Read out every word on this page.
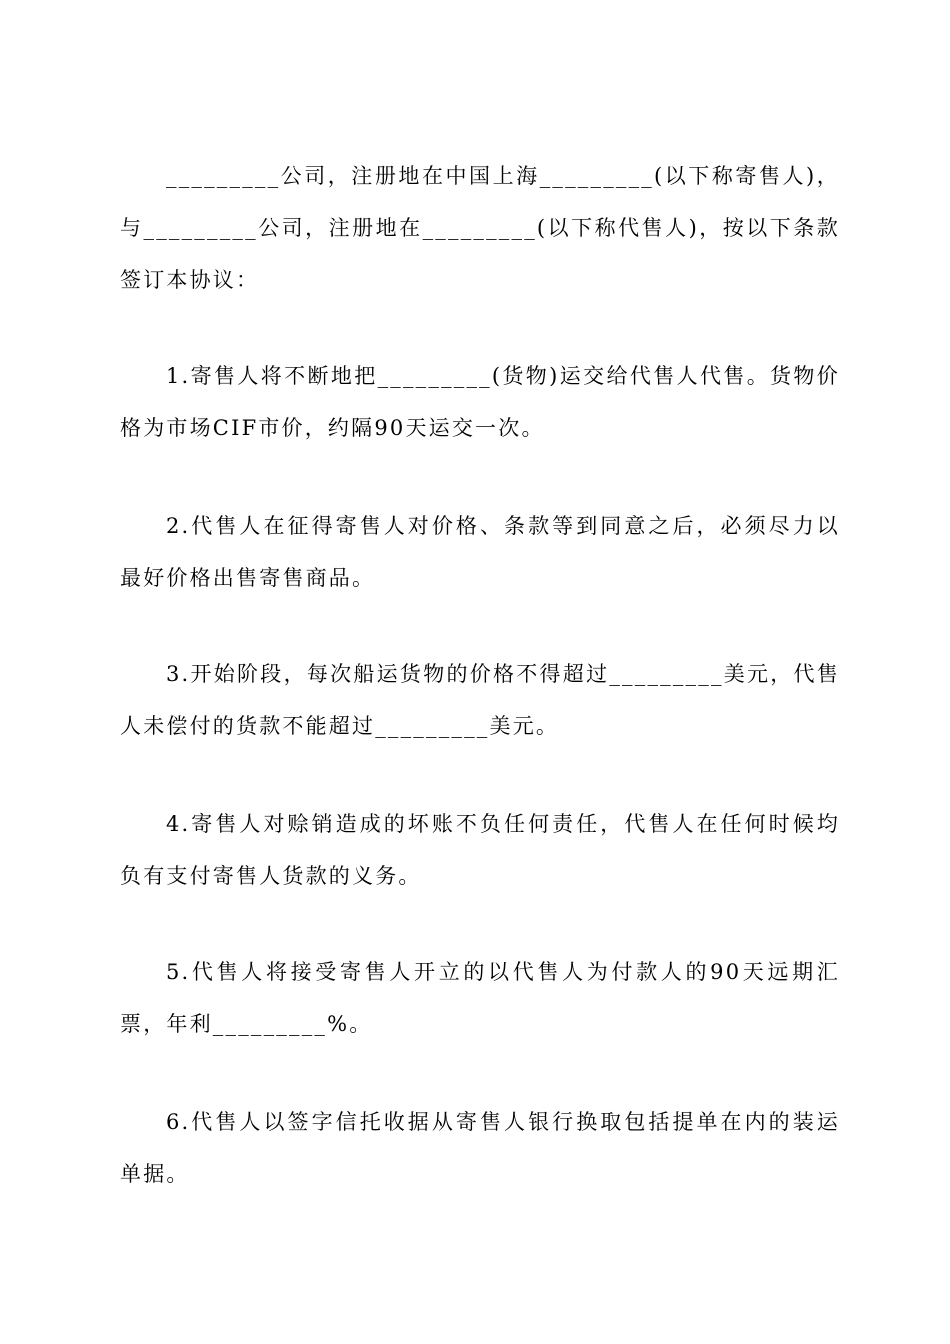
_________公司，注册地在中国上海_________(以下称寄售人)，与_________公司，注册地在_________(以下称代售人)，按以下条款签订本协议：

1.寄售人将不断地把_________(货物)运交给代售人代售。货物价格为市场CIF市价，约隔90天运交一次。

2.代售人在征得寄售人对价格、条款等到同意之后，必须尽力以最好价格出售寄售商品。

3.开始阶段，每次船运货物的价格不得超过_________美元，代售人未偿付的货款不能超过_________美元。

4.寄售人对赊销造成的坏账不负任何责任，代售人在任何时候均负有支付寄售人货款的义务。

5.代售人将接受寄售人开立的以代售人为付款人的90天远期汇票，年利_________%。

6.代售人以签字信托收据从寄售人银行换取包括提单在内的装运单据。
